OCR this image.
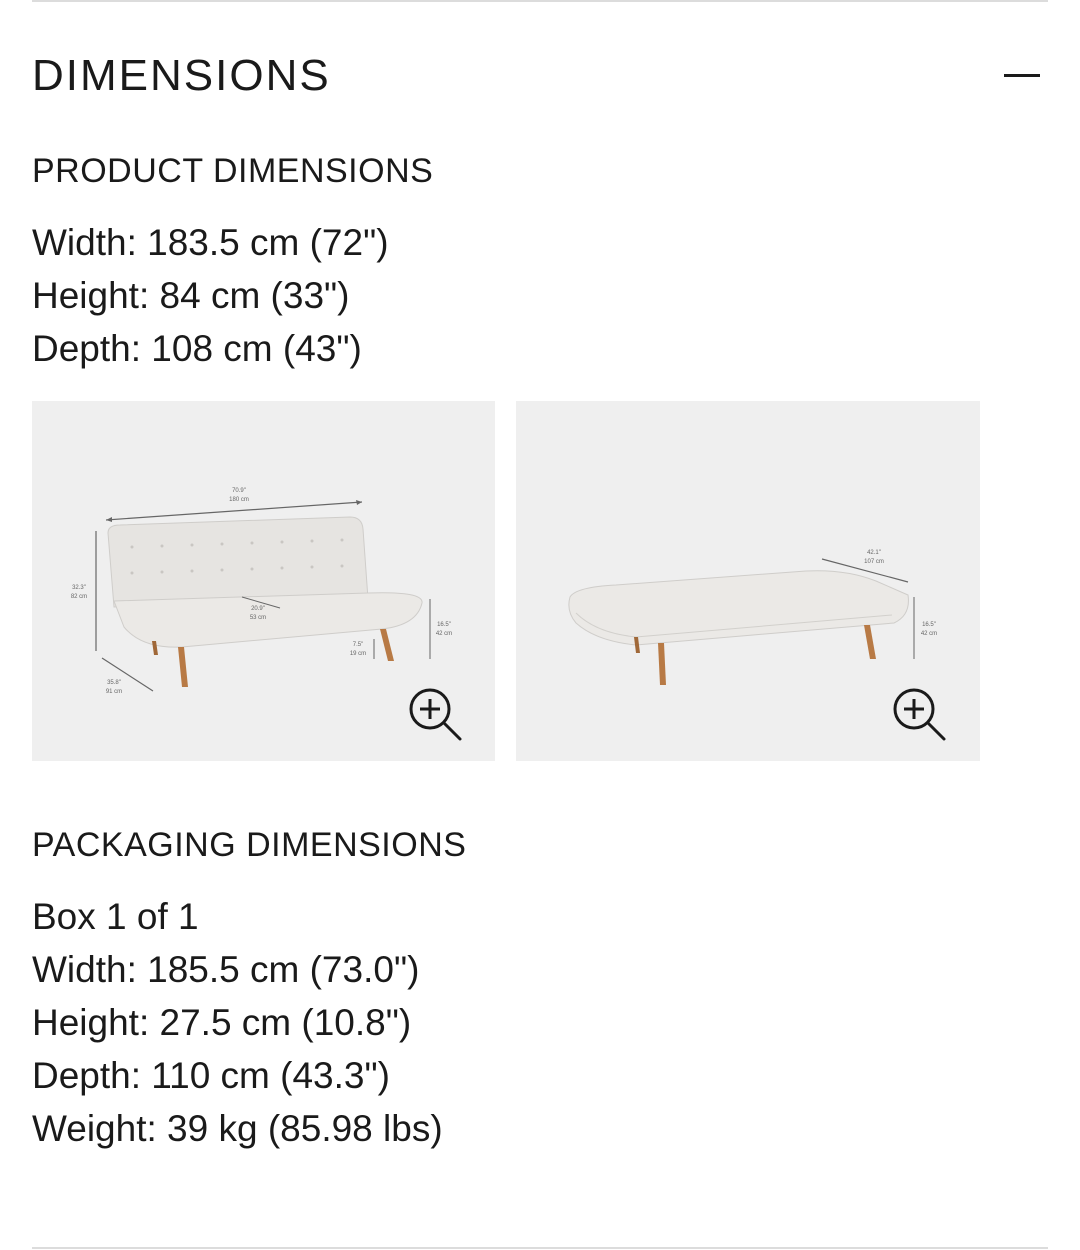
DIMENSIONS
PRODUCT DIMENSIONS
Width: 183.5 cm (72")
Height: 84 cm (33")
Depth: 108 cm (43")
70.9"
180 cm
32.3"
82 cm
35.8"
91 cm
20.9"
53 cm
7.5"
19 cm
16.5"
42 cm
42.1"
107 cm
16.5"
42 cm
PACKAGING DIMENSIONS
Box 1 of 1
Width: 185.5 cm (73.0")
Height: 27.5 cm (10.8")
Depth: 110 cm (43.3")
Weight: 39 kg (85.98 lbs)
